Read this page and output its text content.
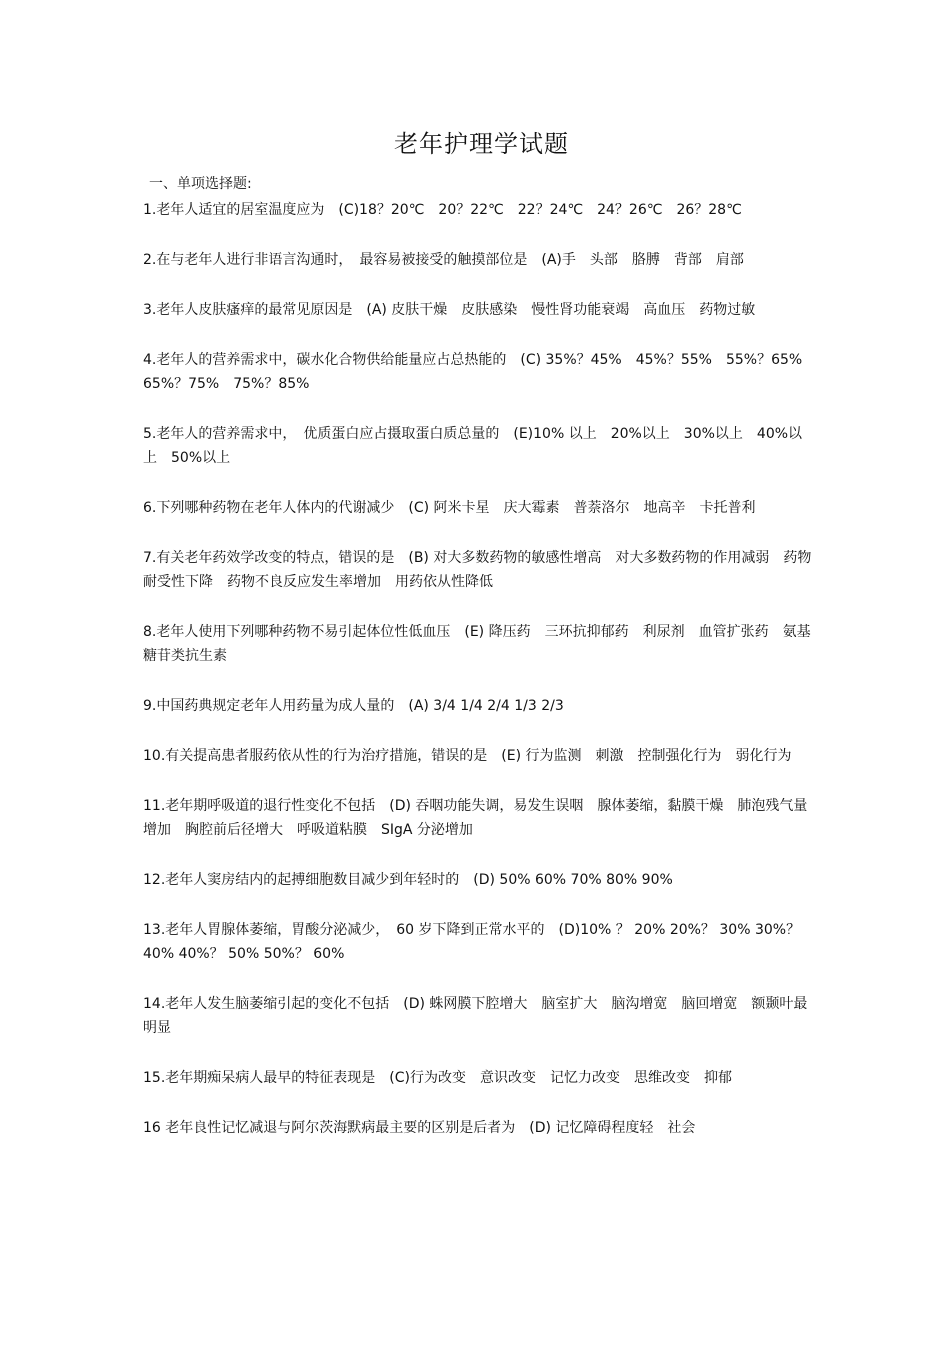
老年护理学试题
一、单项选择题:
1.老年人适宜的居室温度应为　(C)18？20℃　20？22℃　22？24℃　24？26℃　26？28℃
2.在与老年人进行非语言沟通时，　最容易被接受的触摸部位是　(A)手　头部　胳膊　背部　肩部
3.老年人皮肤瘙痒的最常见原因是　(A) 皮肤干燥　皮肤感染　慢性肾功能衰竭　高血压　药物过敏
4.老年人的营养需求中，碳水化合物供给能量应占总热能的　(C) 35%？45%　45%？55%　55%？65%　65%？75%　75%？85%
5.老年人的营养需求中，　优质蛋白应占摄取蛋白质总量的　(E)10% 以上　20%以上　30%以上　40%以上　50%以上
6.下列哪种药物在老年人体内的代谢减少　(C) 阿米卡星　庆大霉素　普萘洛尔　地高辛　卡托普利
7.有关老年药效学改变的特点，错误的是　(B) 对大多数药物的敏感性增高　对大多数药物的作用减弱　药物耐受性下降　药物不良反应发生率增加　用药依从性降低
8.老年人使用下列哪种药物不易引起体位性低血压　(E) 降压药　三环抗抑郁药　利尿剂　血管扩张药　氨基糖苷类抗生素
9.中国药典规定老年人用药量为成人量的　(A) 3/4 1/4 2/4 1/3 2/3
10.有关提高患者服药依从性的行为治疗措施，错误的是　(E) 行为监测　刺激　控制强化行为　弱化行为
11.老年期呼吸道的退行性变化不包括　(D) 吞咽功能失调，易发生误咽　腺体萎缩，黏膜干燥　肺泡残气量增加　胸腔前后径增大　呼吸道粘膜　SIgA 分泌增加
12.老年人窦房结内的起搏细胞数目减少到年轻时的　(D) 50% 60% 70% 80% 90%
13.老年人胃腺体萎缩，胃酸分泌减少，　60 岁下降到正常水平的　(D)10% ？ 20% 20%？ 30% 30%？ 40% 40%？ 50% 50%？ 60%
14.老年人发生脑萎缩引起的变化不包括　(D) 蛛网膜下腔增大　脑室扩大　脑沟增宽　脑回增宽　额颞叶最明显
15.老年期痴呆病人最早的特征表现是　(C)行为改变　意识改变　记忆力改变　思维改变　抑郁
16 老年良性记忆减退与阿尔茨海默病最主要的区别是后者为　(D) 记忆障碍程度轻　社会
